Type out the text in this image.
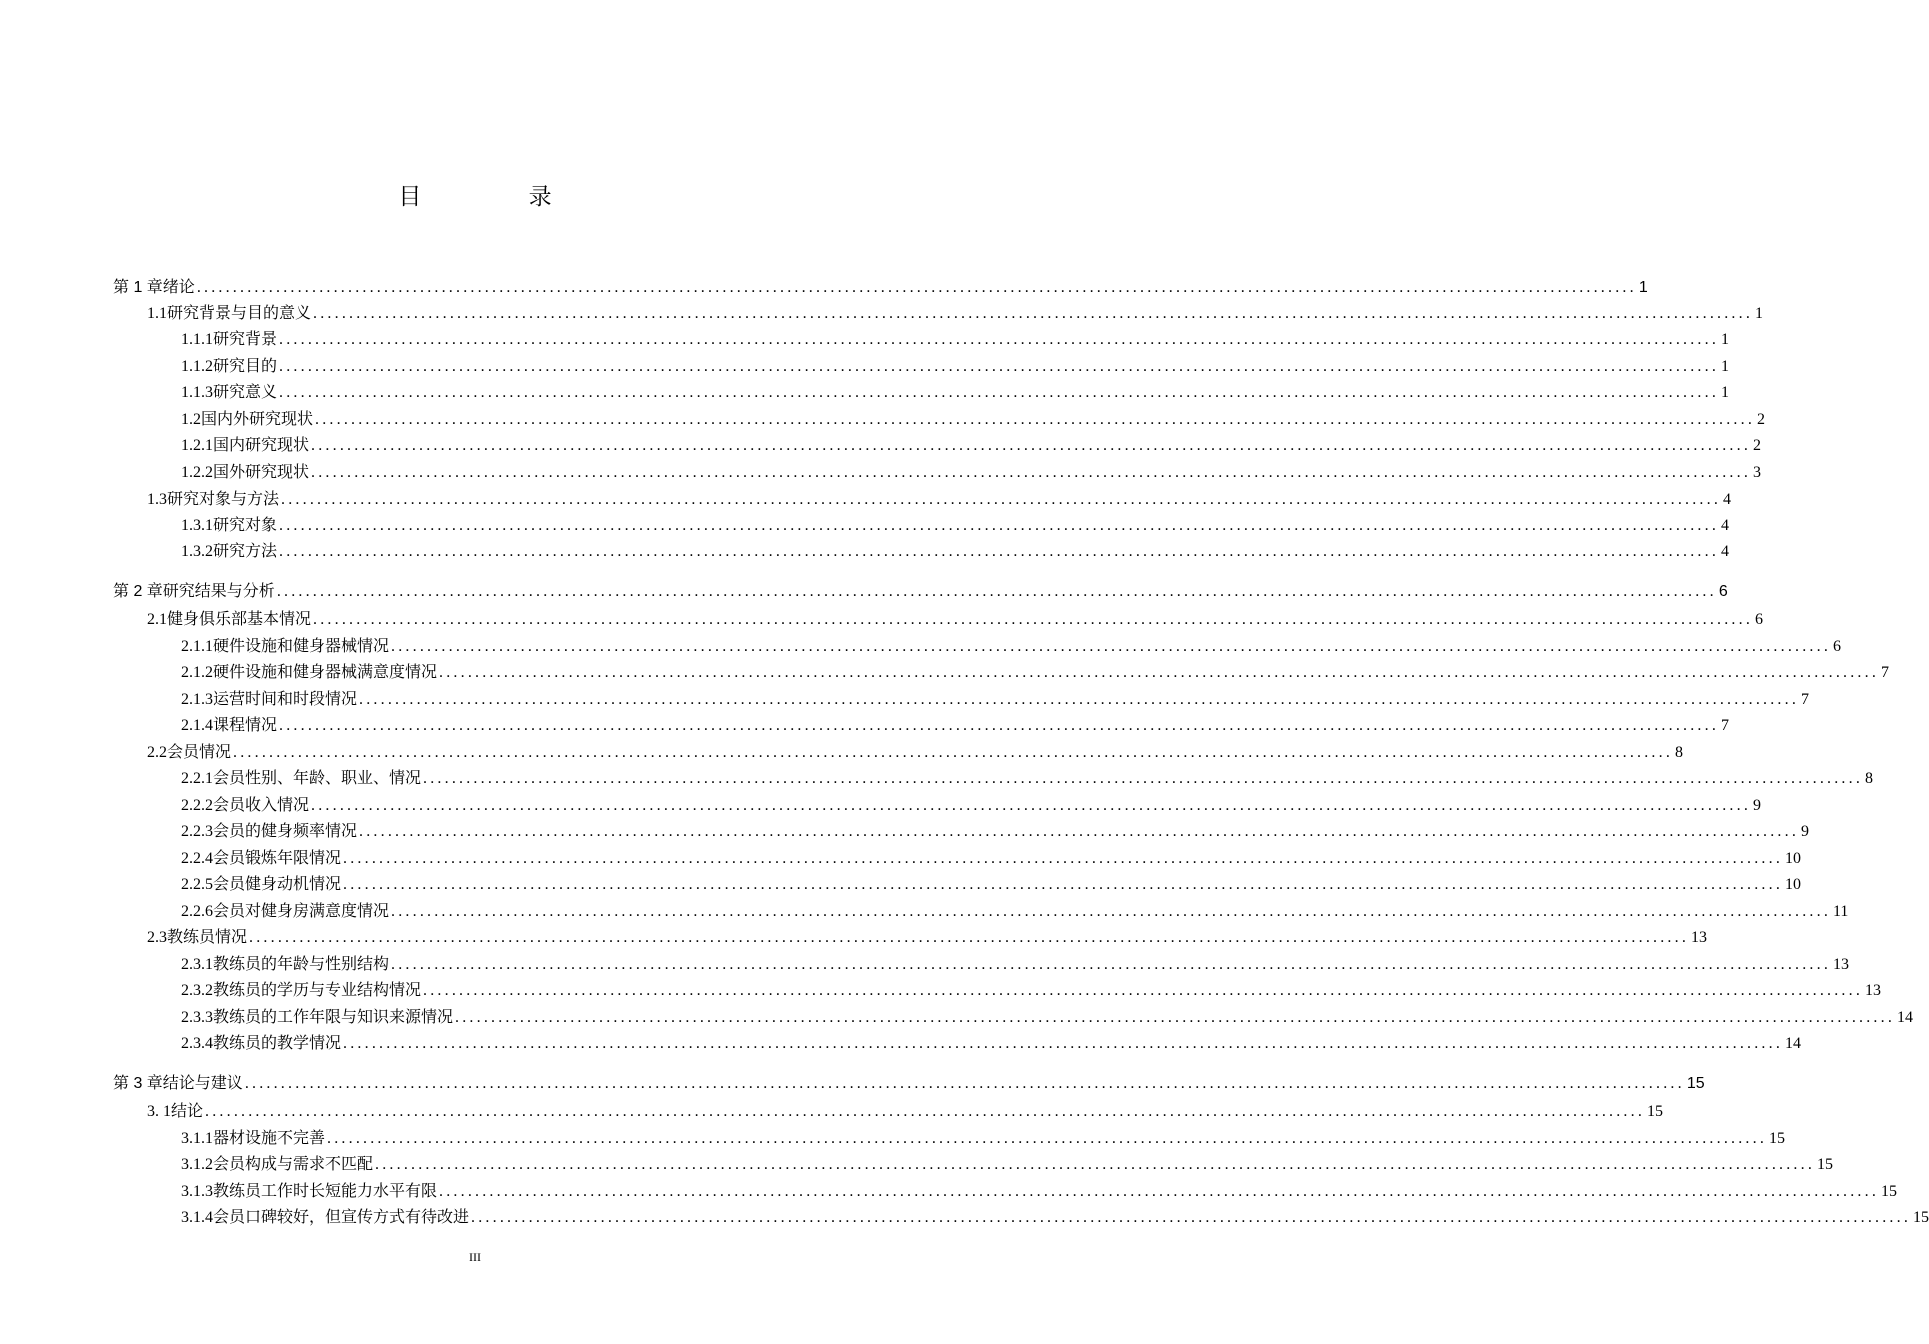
目 录
第 1 章 绪论 ........................................................................................................................................................................................................ 1
1.1 研究背景与目的意义 ........................................................................................................................................................................................................ 1
1.1.1 研究背景 ........................................................................................................................................................................................................ 1
1.1.2 研究目的 ........................................................................................................................................................................................................ 1
1.1.3 研究意义 ........................................................................................................................................................................................................ 1
1.2 国内外研究现状 ........................................................................................................................................................................................................ 2
1.2.1 国内研究现状 ........................................................................................................................................................................................................ 2
1.2.2 国外研究现状 ........................................................................................................................................................................................................ 3
1.3 研究对象与方法 ........................................................................................................................................................................................................ 4
1.3.1 研究对象 ........................................................................................................................................................................................................ 4
1.3.2 研究方法 ........................................................................................................................................................................................................ 4
第 2 章 研究结果与分析 ........................................................................................................................................................................................................ 6
2.1 健身俱乐部基本情况 ........................................................................................................................................................................................................ 6
2.1.1 硬件设施和健身器械情况 ........................................................................................................................................................................................................ 6
2.1.2 硬件设施和健身器械满意度情况 ........................................................................................................................................................................................................ 7
2.1.3 运营时间和时段情况 ........................................................................................................................................................................................................ 7
2.1.4 课程情况 ........................................................................................................................................................................................................ 7
2.2 会员情况 ........................................................................................................................................................................................................ 8
2.2.1 会员性别、年龄、职业、情况 ........................................................................................................................................................................................................ 8
2.2.2 会员收入情况 ........................................................................................................................................................................................................ 9
2.2.3 会员的健身频率情况 ........................................................................................................................................................................................................ 9
2.2.4 会员锻炼年限情况 ........................................................................................................................................................................................................ 10
2.2.5 会员健身动机情况 ........................................................................................................................................................................................................ 10
2.2.6 会员对健身房满意度情况 ........................................................................................................................................................................................................ 11
2.3 教练员情况 ........................................................................................................................................................................................................ 13
2.3.1 教练员的年龄与性别结构 ........................................................................................................................................................................................................ 13
2.3.2 教练员的学历与专业结构情况 ........................................................................................................................................................................................................ 13
2.3.3 教练员的工作年限与知识来源情况 ........................................................................................................................................................................................................ 14
2.3.4 教练员的教学情况 ........................................................................................................................................................................................................ 14
第 3 章 结论与建议 ........................................................................................................................................................................................................ 15
3. 1 结论 ........................................................................................................................................................................................................ 15
3.1.1 器材设施不完善 ........................................................................................................................................................................................................ 15
3.1.2 会员构成与需求不匹配 ........................................................................................................................................................................................................ 15
3.1.3 教练员工作时长短能力水平有限 ........................................................................................................................................................................................................ 15
3.1.4 会员口碑较好，但宣传方式有待改进 ........................................................................................................................................................................................................ 15
III
